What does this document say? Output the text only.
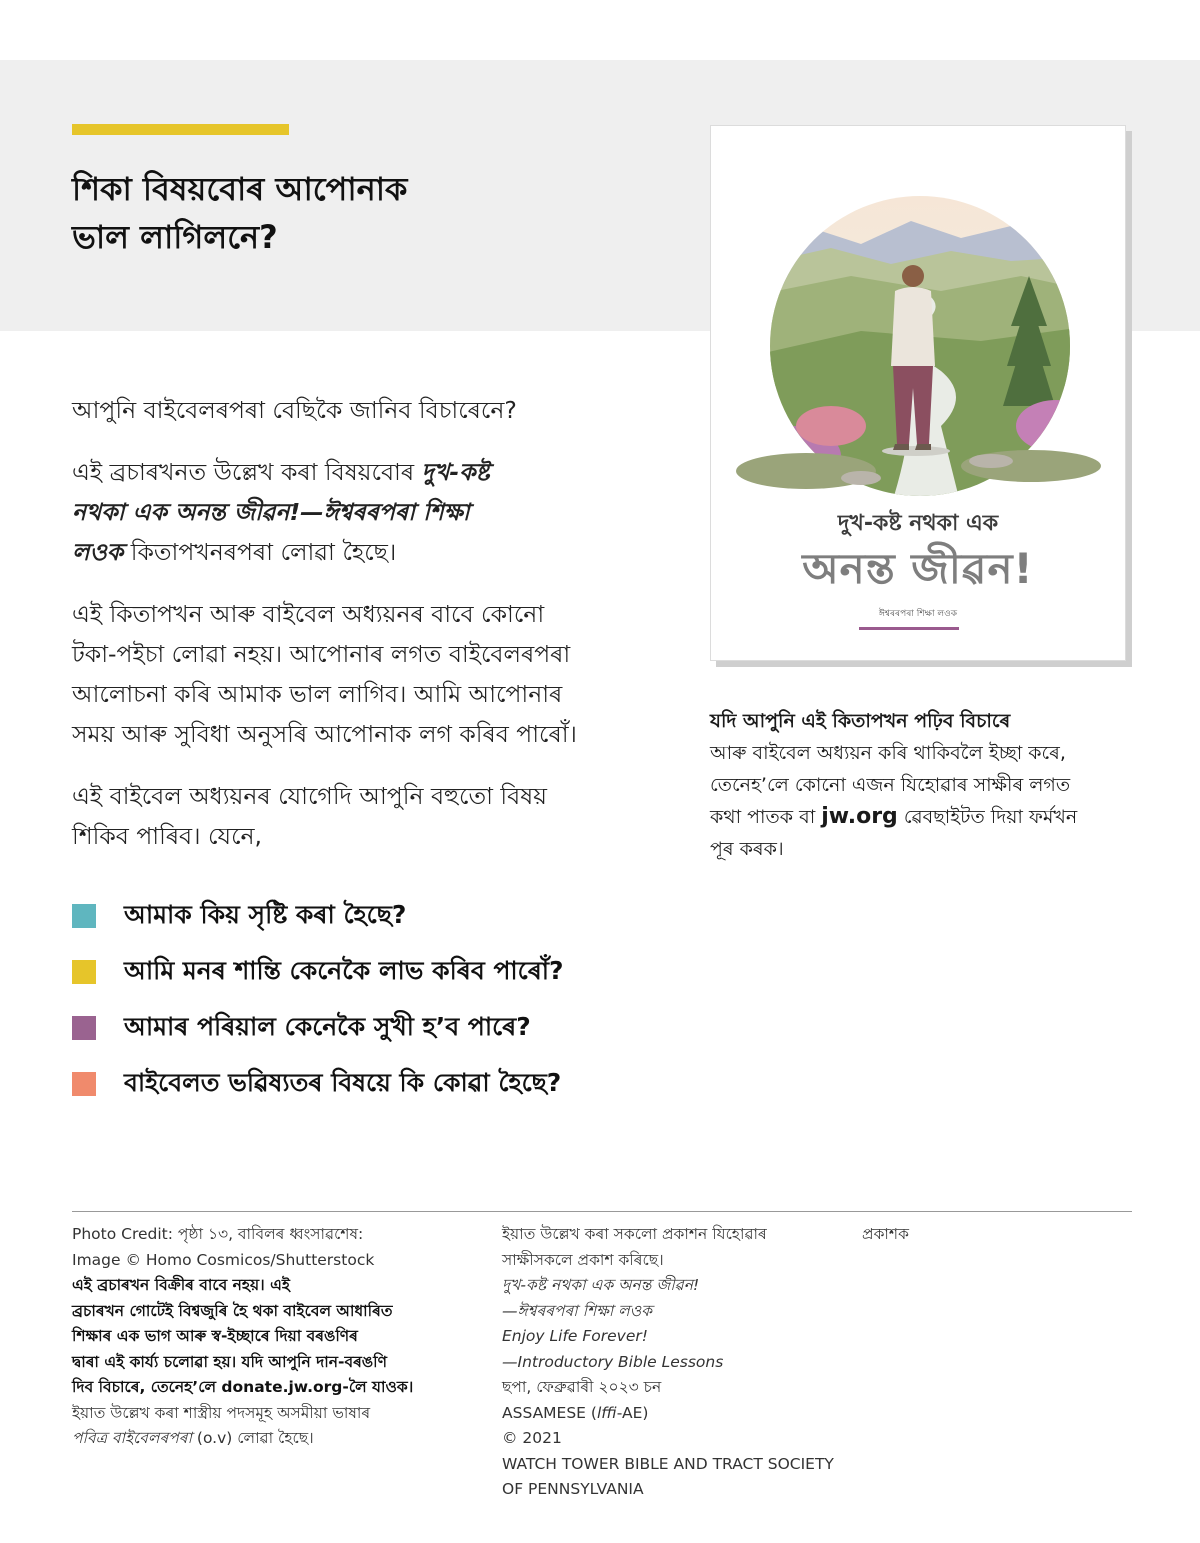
শিকা বিষয়বোৰ আপোনাক
ভাল লাগিলনে?

আপুনি বাইবেলৰপৰা বেছিকৈ জানিব বিচাৰেনে?

এই ব্ৰচাৰখনত উল্লেখ কৰা বিষয়বোৰ দুখ-কষ্ট
নথকা এক অনন্ত জীৱন!—ঈশ্বৰৰপৰা শিক্ষা
লওক কিতাপখনৰপৰা লোৱা হৈছে।

এই কিতাপখন আৰু বাইবেল অধ্যয়নৰ বাবে কোনো
টকা-পইচা লোৱা নহয়। আপোনাৰ লগত বাইবেলৰপৰা
আলোচনা কৰি আমাক ভাল লাগিব। আমি আপোনাৰ
সময় আৰু সুবিধা অনুসৰি আপোনাক লগ কৰিব পাৰোঁ।

এই বাইবেল অধ্যয়নৰ যোগেদি আপুনি বহুতো বিষয়
শিকিব পাৰিব। যেনে,

আমাক কিয় সৃষ্টি কৰা হৈছে?
আমি মনৰ শান্তি কেনেকৈ লাভ কৰিব পাৰোঁ?
আমাৰ পৰিয়াল কেনেকৈ সুখী হ’ব পাৰে?
বাইবেলত ভৱিষ্যতৰ বিষয়ে কি কোৱা হৈছে?
দুখ-কষ্ট নথকা এক
অনন্ত জীৱন!
ঈশ্বৰৰপৰা শিক্ষা লওক
যদি আপুনি এই কিতাপখন পঢ়িব বিচাৰে
আৰু বাইবেল অধ্যয়ন কৰি থাকিবলৈ ইচ্ছা কৰে,
তেনেহ’লে কোনো এজন যিহোৱাৰ সাক্ষীৰ লগত
কথা পাতক বা jw.org ৱেবছাইটত দিয়া ফৰ্মখন
পূৰ কৰক।
Photo Credit: পৃষ্ঠা ১৩, বাবিলৰ ধ্বংসাৱশেষ:
Image © Homo Cosmicos/Shutterstock
এই ব্ৰচাৰখন বিক্ৰীৰ বাবে নহয়। এই
ব্ৰচাৰখন গোটেই বিশ্বজুৰি হৈ থকা বাইবেল আধাৰিত
শিক্ষাৰ এক ভাগ আৰু স্ব-ইচ্ছাৰে দিয়া বৰঙণিৰ
দ্বাৰা এই কাৰ্য্য চলোৱা হয়। যদি আপুনি দান-বৰঙণি
দিব বিচাৰে, তেনেহ’লে donate.jw.org-লৈ যাওক।
ইয়াত উল্লেখ কৰা শাস্ত্ৰীয় পদসমূহ অসমীয়া ভাষাৰ
পবিত্ৰ বাইবেলৰপৰা (o.v) লোৱা হৈছে।
ইয়াত উল্লেখ কৰা সকলো প্ৰকাশন যিহোৱাৰ
সাক্ষীসকলে প্ৰকাশ কৰিছে।
দুখ-কষ্ট নথকা এক অনন্ত জীৱন!
—ঈশ্বৰৰপৰা শিক্ষা লওক
Enjoy Life Forever!
—Introductory Bible Lessons
ছপা, ফেব্ৰুৱাৰী ২০২৩ চন
ASSAMESE (lffi-AE)
© 2021
WATCH TOWER BIBLE AND TRACT SOCIETY
OF PENNSYLVANIA
প্ৰকাশক
